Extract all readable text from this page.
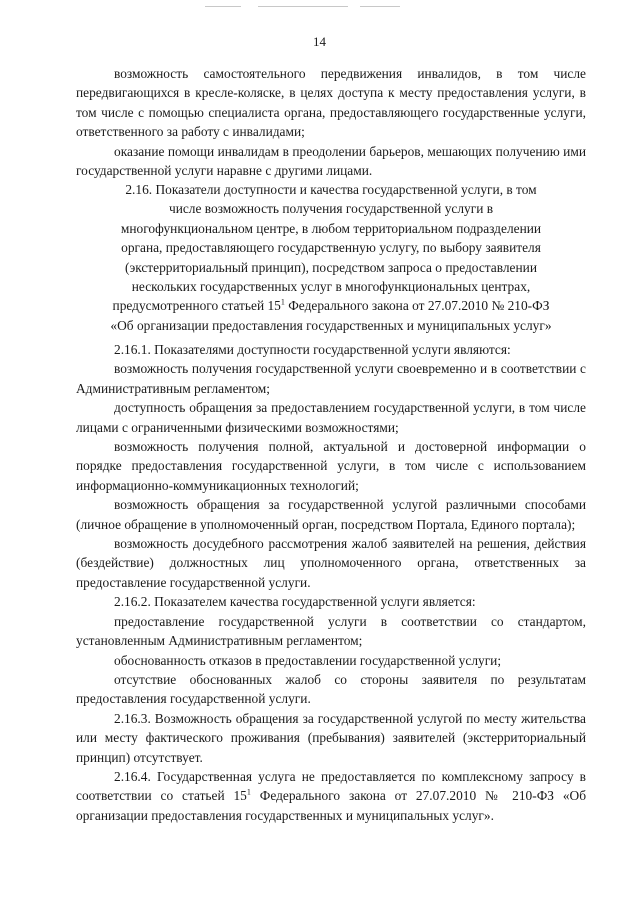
14

возможность самостоятельного передвижения инвалидов, в том числе передвигающихся в кресле-коляске, в целях доступа к месту предоставления услуги, в том числе с помощью специалиста органа, предоставляющего государственные услуги, ответственного за работу с инвалидами;

оказание помощи инвалидам в преодолении барьеров, мешающих получению ими государственной услуги наравне с другими лицами.

2.16. Показатели доступности и качества государственной услуги, в том
числе возможность получения государственной услуги в
многофункциональном центре, в любом территориальном подразделении
органа, предоставляющего государственную услугу, по выбору заявителя
(экстерриториальный принцип), посредством запроса о предоставлении
нескольких государственных услуг в многофункциональных центрах,
предусмотренного статьей $15^1$ Федерального закона от 27.07.2010 № 210-ФЗ
«Об организации предоставления государственных и муниципальных услуг»

2.16.1. Показателями доступности государственной услуги являются:

возможность получения государственной услуги своевременно и в соответствии с Административным регламентом;

доступность обращения за предоставлением государственной услуги, в том числе лицами с ограниченными физическими возможностями;

возможность получения полной, актуальной и достоверной информации о порядке предоставления государственной услуги, в том числе с использованием информационно-коммуникационных технологий;

возможность обращения за государственной услугой различными способами (личное обращение в уполномоченный орган, посредством Портала, Единого портала);

возможность досудебного рассмотрения жалоб заявителей на решения, действия (бездействие) должностных лиц уполномоченного органа, ответственных за предоставление государственной услуги.

2.16.2. Показателем качества государственной услуги является:

предоставление государственной услуги в соответствии со стандартом, установленным Административным регламентом;

обоснованность отказов в предоставлении государственной услуги;

отсутствие обоснованных жалоб со стороны заявителя по результатам предоставления государственной услуги.

2.16.3. Возможность обращения за государственной услугой по месту жительства или месту фактического проживания (пребывания) заявителей (экстерриториальный принцип) отсутствует.

2.16.4. Государственная услуга не предоставляется по комплексному запросу в соответствии со статьей $15^1$ Федерального закона от 27.07.2010 № 210-ФЗ «Об организации предоставления государственных и муниципальных услуг».
